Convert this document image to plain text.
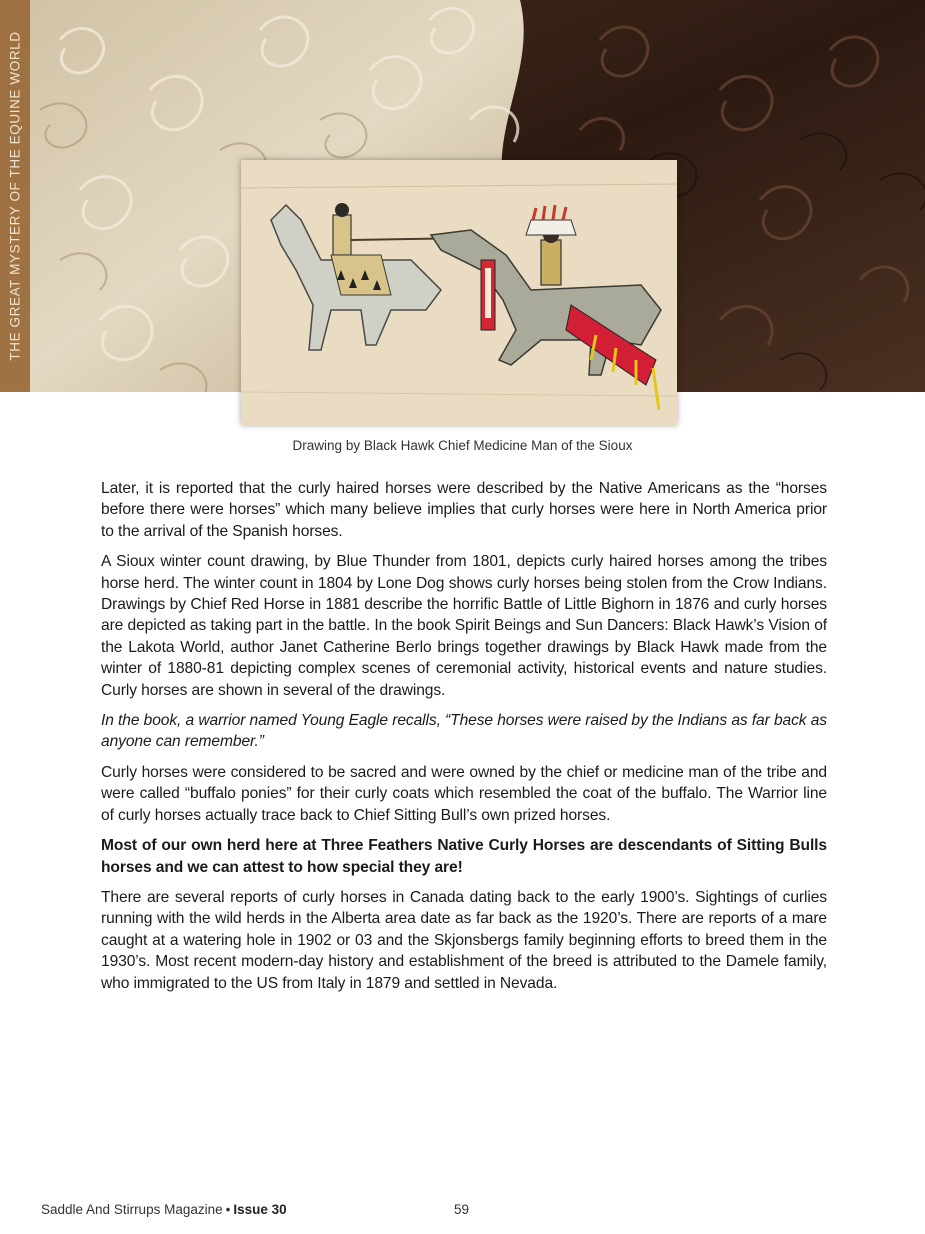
THE GREAT MYSTERY OF THE EQUINE WORLD
Drawing by Black Hawk Chief Medicine Man of the Sioux

Later, it is reported that the curly haired horses were described by the Native Americans as the “horses before there were horses” which many believe implies that curly horses were here in North America prior to the arrival of the Spanish horses.

A Sioux winter count drawing, by Blue Thunder from 1801, depicts curly haired horses among the tribes horse herd. The winter count in 1804 by Lone Dog shows curly horses being stolen from the Crow Indians. Drawings by Chief Red Horse in 1881 describe the horrific Battle of Little Bighorn in 1876 and curly horses are depicted as taking part in the battle. In the book Spirit Beings and Sun Dancers: Black Hawk’s Vision of the Lakota World, author Janet Catherine Berlo brings together drawings by Black Hawk made from the winter of 1880-81 depicting complex scenes of ceremonial activity, historical events and nature studies. Curly horses are shown in several of the drawings.

In the book, a warrior named Young Eagle recalls, “These horses were raised by the Indians as far back as anyone can remember.”

Curly horses were considered to be sacred and were owned by the chief or medicine man of the tribe and were called “buffalo ponies” for their curly coats which resembled the coat of the buffalo. The Warrior line of curly horses actually trace back to Chief Sitting Bull’s own prized horses.

Most of our own herd here at Three Feathers Native Curly Horses are descendants of Sitting Bulls horses and we can attest to how special they are!

There are several reports of curly horses in Canada dating back to the early 1900’s. Sightings of curlies running with the wild herds in the Alberta area date as far back as the 1920’s. There are reports of a mare caught at a watering hole in 1902 or 03 and the Skjonsbergs family beginning efforts to breed them in the 1930’s. Most recent modern-day history and establishment of the breed is attributed to the Damele family, who immigrated to the US from Italy in 1879 and settled in Nevada.

Saddle And Stirrups Magazine • Issue 30	59
